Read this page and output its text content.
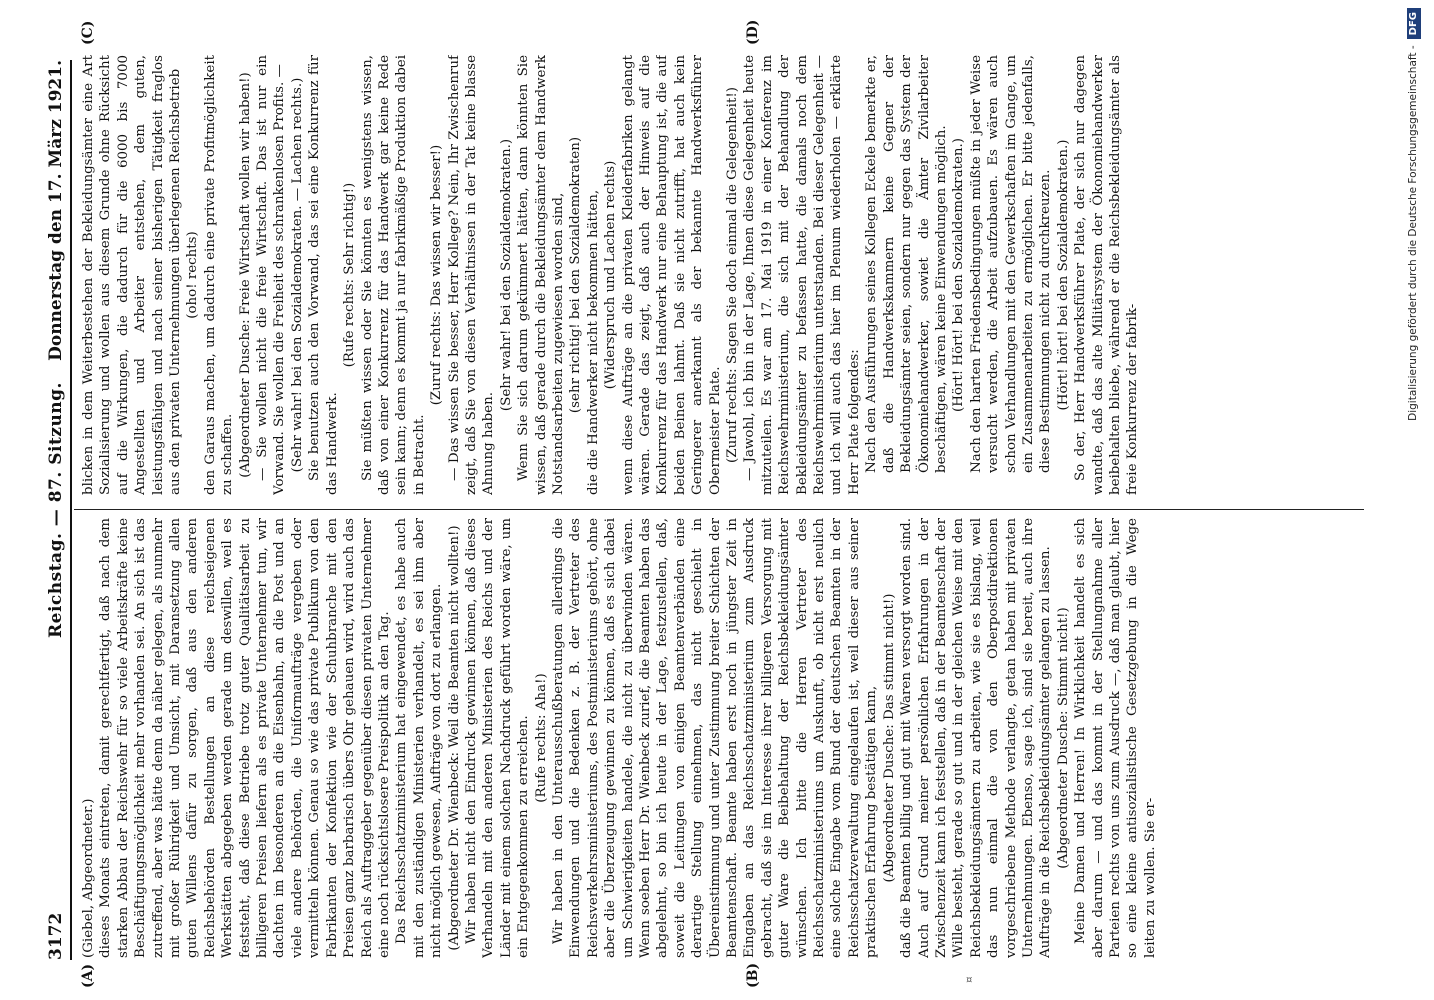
3172
Reichstag. — 87. Sitzung.
Donnerstag den 17. März 1921.
(A)	(B)
(C)	(D)

(Giebel, Abgeordneter.) dieses Monats eintreten, damit gerechtfertigt, daß nach dem starken Abbau der Reichswehr für so viele Arbeitskräfte keine Beschäftigungsmöglichkeit mehr vorhanden sei. An sich ist das zutreffend, aber was hätte denn da näher gelegen, als nunmehr mit großer Rührigkeit und Umsicht, mit Daransetzung allen guten Willens dafür zu sorgen, daß aus den anderen Reichsbehörden Bestellungen an diese reichseigenen Werkstätten abgegeben werden gerade um deswillen, weil es feststeht, daß diese Betriebe trotz guter Qualitätsarbeit zu billigeren Preisen liefern als es private Unternehmer tun, wir dachten im besonderen an die Eisenbahn, an die Post und an viele andere Behörden, die Uniformaufträge vergeben oder vermitteln können. Genau so wie das private Publikum von den Fabrikanten der Konfektion wie der Schuhbranche mit den Preisen ganz barbarisch übers Ohr gehauen wird, wird auch das Reich als Auftraggeber gegenüber diesen privaten Unternehmer eine noch rücksichtslosere Preispolitik an den Tag. Das Reichsschatzministerium hat eingewendet, es habe auch mit den zuständigen Ministerien verhandelt, es sei ihm aber nicht möglich gewesen, Aufträge von dort zu erlangen. (Abgeordneter Dr. Wienbeck: Weil die Beamten nicht wollten!) Wir haben nicht den Eindruck gewinnen können, daß dieses Verhandeln mit den anderen Ministerien des Reichs und der Länder mit einem solchen Nachdruck geführt worden wäre, um ein Entgegenkommen zu erreichen. (Rufe rechts: Aha!) Wir haben in den Unterausschußberatungen allerdings die Einwendungen und die Bedenken z. B. der Vertreter des Reichsverkehrsministeriums, des Postministeriums gehört, ohne aber die Überzeugung gewinnen zu können, daß es sich dabei um Schwierigkeiten handele, die nicht zu überwinden wären. Wenn soeben Herr Dr. Wienbeck zurief, die Beamten haben das abgelehnt, so bin ich heute in der Lage, festzustellen, daß, soweit die Leitungen von einigen Beamtenverbänden eine derartige Stellung einnehmen, das nicht geschieht in Übereinstimmung und unter Zustimmung breiter Schichten der Beamtenschaft. Beamte haben erst noch in jüngster Zeit in Eingaben an das Reichsschatzministerium zum Ausdruck gebracht, daß sie im Interesse ihrer billigeren Versorgung mit guter Ware die Beibehaltung der Reichsbekleidungsämter wünschen. Ich bitte die Herren Vertreter des Reichsschatzministeriums um Auskunft, ob nicht erst neulich eine solche Eingabe vom Bund der deutschen Beamten in der Reichsschatzverwaltung eingelaufen ist, weil dieser aus seiner praktischen Erfahrung bestätigen kann, (Abgeordneter Dusche: Das stimmt nicht!) daß die Beamten billig und gut mit Waren versorgt worden sind. Auch auf Grund meiner persönlichen Erfahrungen in der Zwischenzeit kann ich feststellen, daß in der Beamtenschaft der Wille besteht, gerade so gut und in der gleichen Weise mit den Reichsbekleidungsämtern zu arbeiten, wie sie es bislang, weil das nun einmal die von den Oberpostdirektionen vorgeschriebene Methode verlangte, getan haben mit privaten Unternehmungen. Ebenso, sage ich, sind sie bereit, auch ihre Aufträge in die Reichsbekleidungsämter gelangen zu lassen. (Abgeordneter Dusche: Stimmt nicht!) Meine Damen und Herren! In Wirklichkeit handelt es sich aber darum — und das kommt in der Stellungnahme aller Parteien rechts von uns zum Ausdruck —, daß man glaubt, hier so eine kleine antisozialistische Gesetzgebung in die Wege leiten zu wollen. Sie er-

blicken in dem Weiterbestehen der Bekleidungsämter eine Art Sozialisierung und wollen aus diesem Grunde ohne Rücksicht auf die Wirkungen, die dadurch für die 6000 bis 7000 Angestellten und Arbeiter entstehen, dem guten, leistungsfähigen und nach seiner bisherigen Tätigkeit fraglos aus den privaten Unternehmungen überlegenen Reichsbetrieb (oho! rechts) den Garaus machen, um dadurch eine private Profitmöglichkeit zu schaffen. (Abgeordneter Dusche: Freie Wirtschaft wollen wir haben!) — Sie wollen nicht die freie Wirtschaft. Das ist nur ein Vorwand. Sie wollen die Freiheit des schrankenlosen Profits. — (Sehr wahr! bei den Sozialdemokraten. — Lachen rechts.) Sie benutzen auch den Vorwand, das sei eine Konkurrenz für das Handwerk.

(Rufe rechts: Sehr richtig!) Sie müßten wissen oder Sie könnten es wenigstens wissen, daß von einer Konkurrenz für das Handwerk gar keine Rede sein kann; denn es kommt ja nur fabrikmäßige Produktion dabei in Betracht.

(Zuruf rechts: Das wissen wir besser!) — Das wissen Sie besser, Herr Kollege? Nein, Ihr Zwischenruf zeigt, daß Sie von diesen Verhältnissen in der Tat keine blasse Ahnung haben.

(Sehr wahr! bei den Sozialdemokraten.) Wenn Sie sich darum gekümmert hätten, dann könnten Sie wissen, daß gerade durch die Bekleidungsämter dem Handwerk Notstandsarbeiten zugewiesen worden sind, (sehr richtig! bei den Sozialdemokraten) die die Handwerker nicht bekommen hätten, (Widerspruch und Lachen rechts) wenn diese Aufträge an die privaten Kleiderfabriken gelangt wären. Gerade das zeigt, daß auch der Hinweis auf die Konkurrenz für das Handwerk nur eine Behauptung ist, die auf beiden Beinen lahmt. Daß sie nicht zutrifft, hat auch kein Geringerer anerkannt als der bekannte Handwerksführer Obermeister Plate. (Zuruf rechts: Sagen Sie doch einmal die Gelegenheit!) — Jawohl, ich bin in der Lage, Ihnen diese Gelegenheit heute mitzuteilen. Es war am 17. Mai 1919 in einer Konferenz im Reichswehrministerium, die sich mit der Behandlung der Bekleidungsämter zu befassen hatte, die damals noch dem Reichswehrministerium unterstanden. Bei dieser Gelegenheit — und ich will auch das hier im Plenum wiederholen — erklärte Herr Plate folgendes: Nach den Ausführungen seines Kollegen Eckele bemerkte er, daß die Handwerkskammern keine Gegner der Bekleidungsämter seien, sondern nur gegen das System der Ökonomiehandwerker, sowiet die Ämter Zivilarbeiter beschäftigen, wären keine Einwendungen möglich. (Hört! Hört! bei den Sozialdemokraten.) Nach den harten Friedensbedingungen müßte in jeder Weise versucht werden, die Arbeit aufzubauen. Es wären auch schon Verhandlungen mit den Gewerkschaften im Gange, um ein Zusammenarbeiten zu ermöglichen. Er bitte jedenfalls, diese Bestimmungen nicht zu durchkreuzen. (Hört! hört! bei den Sozialdemokraten.) So der, Herr Handwerksführer Plate, der sich nur dagegen wandte, daß das alte Militärsystem der Ökonomiehandwerker beibehalten bliebe, während er die Reichsbekleidungsämter als freie Konkurrenz der fabrik-	Digitalisierung gefördert durch die Deutsche Forschungsgemeinschaft -DFG
¤
